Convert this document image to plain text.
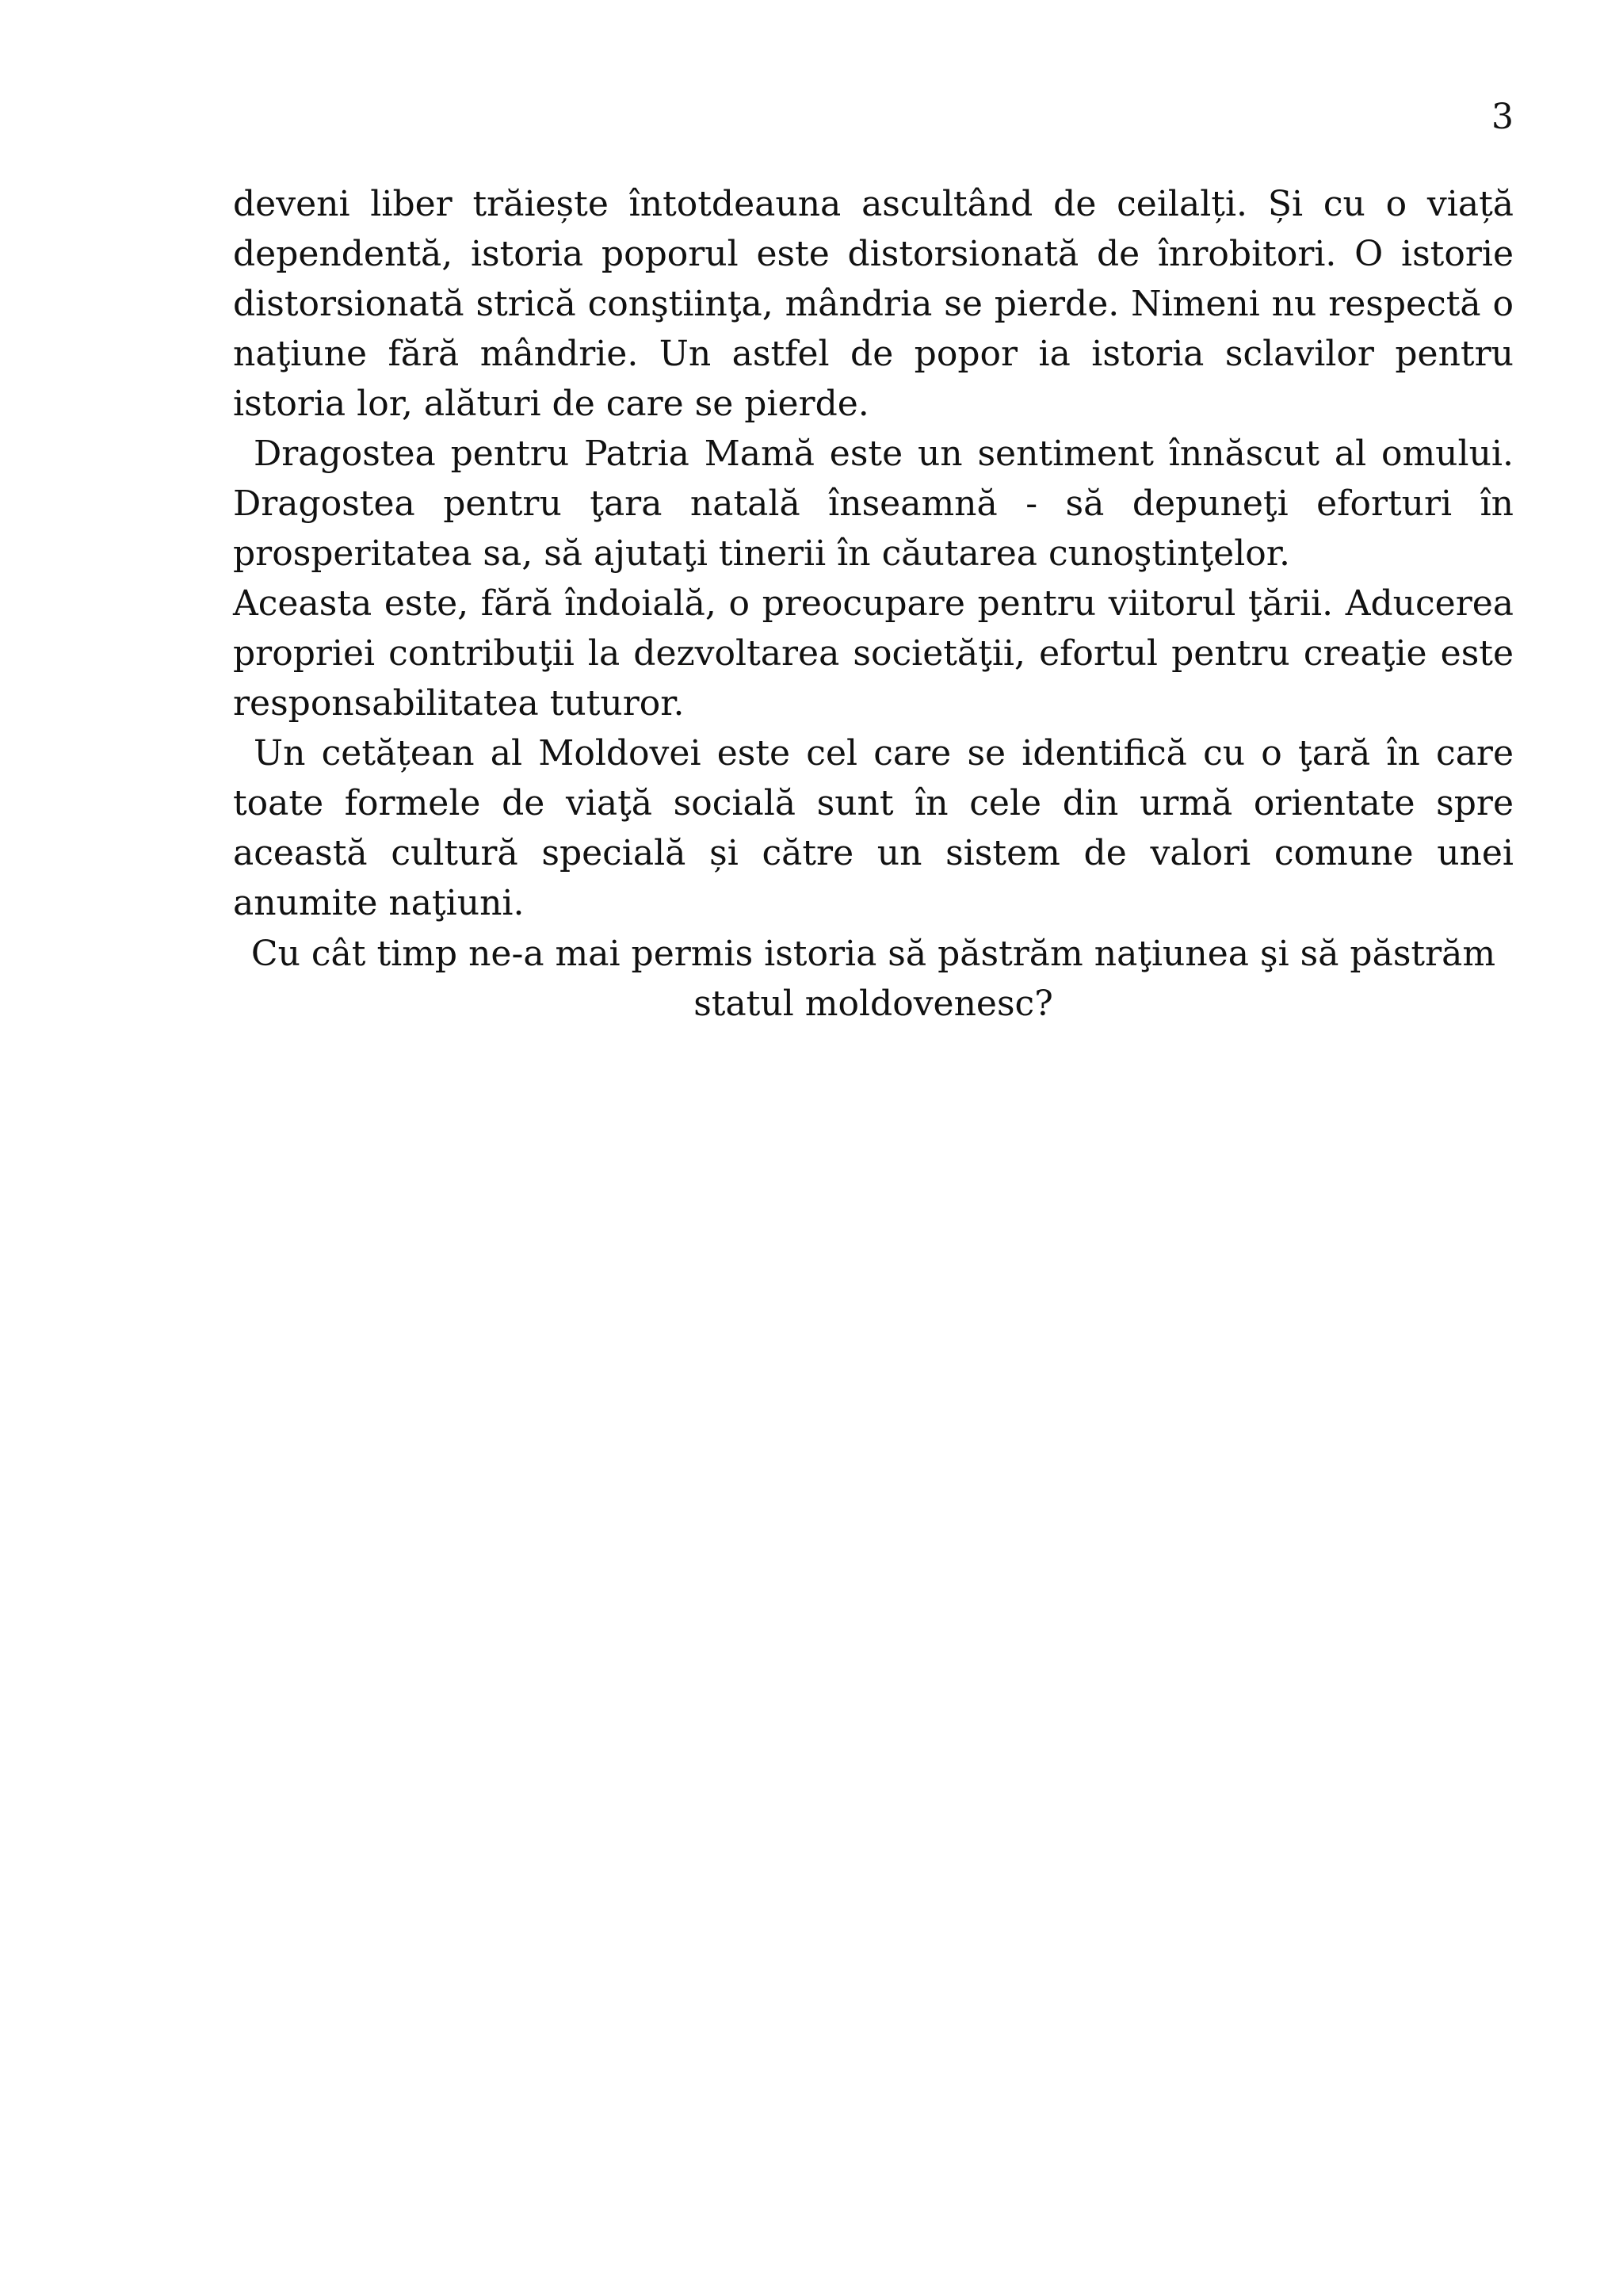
3

deveni liber trăiește întotdeauna ascultând de ceilalți. Și cu o viață dependentă, istoria poporul este distorsionată de înrobitori. O istorie distorsionată strică conştiinţa, mândria se pierde. Nimeni nu respectă o naţiune fără mândrie. Un astfel de popor ia istoria sclavilor pentru istoria lor, alături de care se pierde.

Dragostea pentru Patria Mamă este un sentiment înnăscut al omului. Dragostea pentru ţara natală înseamnă - să depuneţi eforturi în prosperitatea sa, să ajutaţi tinerii în căutarea cunoştinţelor.

Aceasta este, fără îndoială, o preocupare pentru viitorul ţării. Aducerea propriei contribuţii la dezvoltarea societăţii, efortul pentru creaţie este responsabilitatea tuturor.

Un cetățean al Moldovei este cel care se identifică cu o ţară în care toate formele de viaţă socială sunt în cele din urmă orientate spre această cultură specială și către un sistem de valori comune unei anumite naţiuni.

Cu cât timp ne-a mai permis istoria să păstrăm naţiunea şi să păstrăm statul moldovenesc?
